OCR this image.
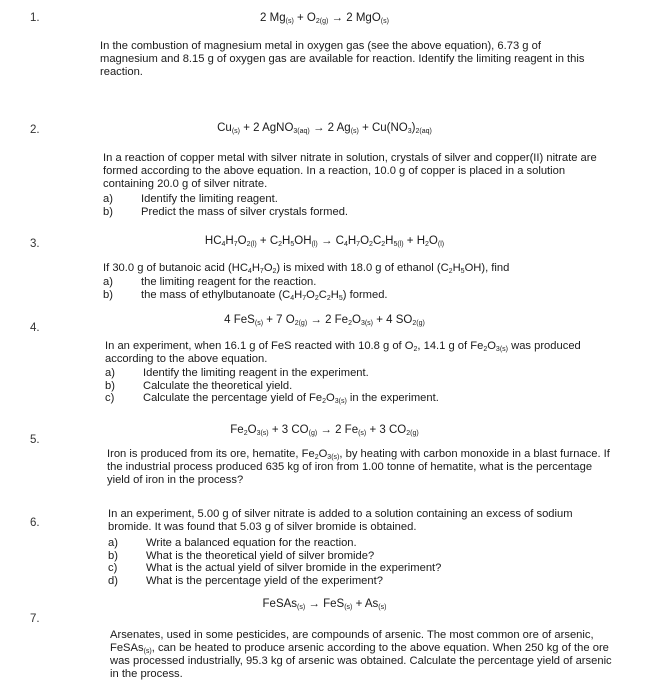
1.	2 $Mg_{(s)} + O_{2(g)} \to 2$ MgO$_{(s)}$

In the combustion of magnesium metal in oxygen gas (see the above equation), 6.73 g of magnesium and 8.15 g of oxygen gas are available for reaction. Identify the limiting reagent in this reaction.

2.	$Cu_{(s)} + 2$ AgNO$_{3(aq)}$ → 2 $Ag_{(s)} + Cu(NO_3)_{2(aq)}$

In a reaction of copper metal with silver nitrate in solution, crystals of silver and copper(II) nitrate are formed according to the above equation. In a reaction, 10.0 g of copper is placed in a solution containing 20.0 g of silver nitrate.

a)	Identify the limiting reagent.
b)	Predict the mass of silver crystals formed.
3.	$HC_4H_7O_{2(l)} + C_2H_5OH_{(l)} \to C_4H_7O_2C_2H_{5(l)} + H_2O_{(l)}$

If 30.0 g of butanoic acid $(HC_4H_7O_2)$ is mixed with 18.0 g of ethanol $(C_2H_5OH)$, find

a)	the limiting reagent for the reaction.
b)	the mass of ethylbutanoate $(C_4H_7O_2C_2H_5)$ formed.
4.
4 FeS$_{(s)}$ + 7 $O_{2(g)} \to 2$ $Fe_2O_{3(s)} + 4$ $SO_{2(g)}$

In an experiment, when 16.1 g of FeS reacted with 10.8 g of $O_2$, 14.1 g of $Fe_2O_{3(s)}$ was produced according to the above equation.

a)	Identify the limiting reagent in the experiment.
b)	Calculate the theoretical yield.
c)	Calculate the percentage yield of $Fe_2O_{3(s)}$ in the experiment.
5.
$Fe_2O_{3(s)} + 3$ $CO_{(g)} \to 2$ $Fe_{(s)} + 3$ $CO_{2(g)}$

Iron is produced from its ore, hematite, $Fe_2O_{3(s)}$, by heating with carbon monoxide in a blast furnace. If the industrial process produced 635 kg of iron from 1.00 tonne of hematite, what is the percentage yield of iron in the process?

6.

In an experiment, 5.00 g of silver nitrate is added to a solution containing an excess of sodium bromide. It was found that 5.03 g of silver bromide is obtained.

a)	Write a balanced equation for the reaction.
b)	What is the theoretical yield of silver bromide?
c)	What is the actual yield of silver bromide in the experiment?
d)	What is the percentage yield of the experiment?
7.
FeSAs$_{(s)}$ → $FeS_{(s)} + As_{(s)}$

Arsenates, used in some pesticides, are compounds of arsenic. The most common ore of arsenic, FeSAs$_{(s)}$, can be heated to produce arsenic according to the above equation. When 250 kg of the ore was processed industrially, 95.3 kg of arsenic was obtained. Calculate the percentage yield of arsenic in the process.
